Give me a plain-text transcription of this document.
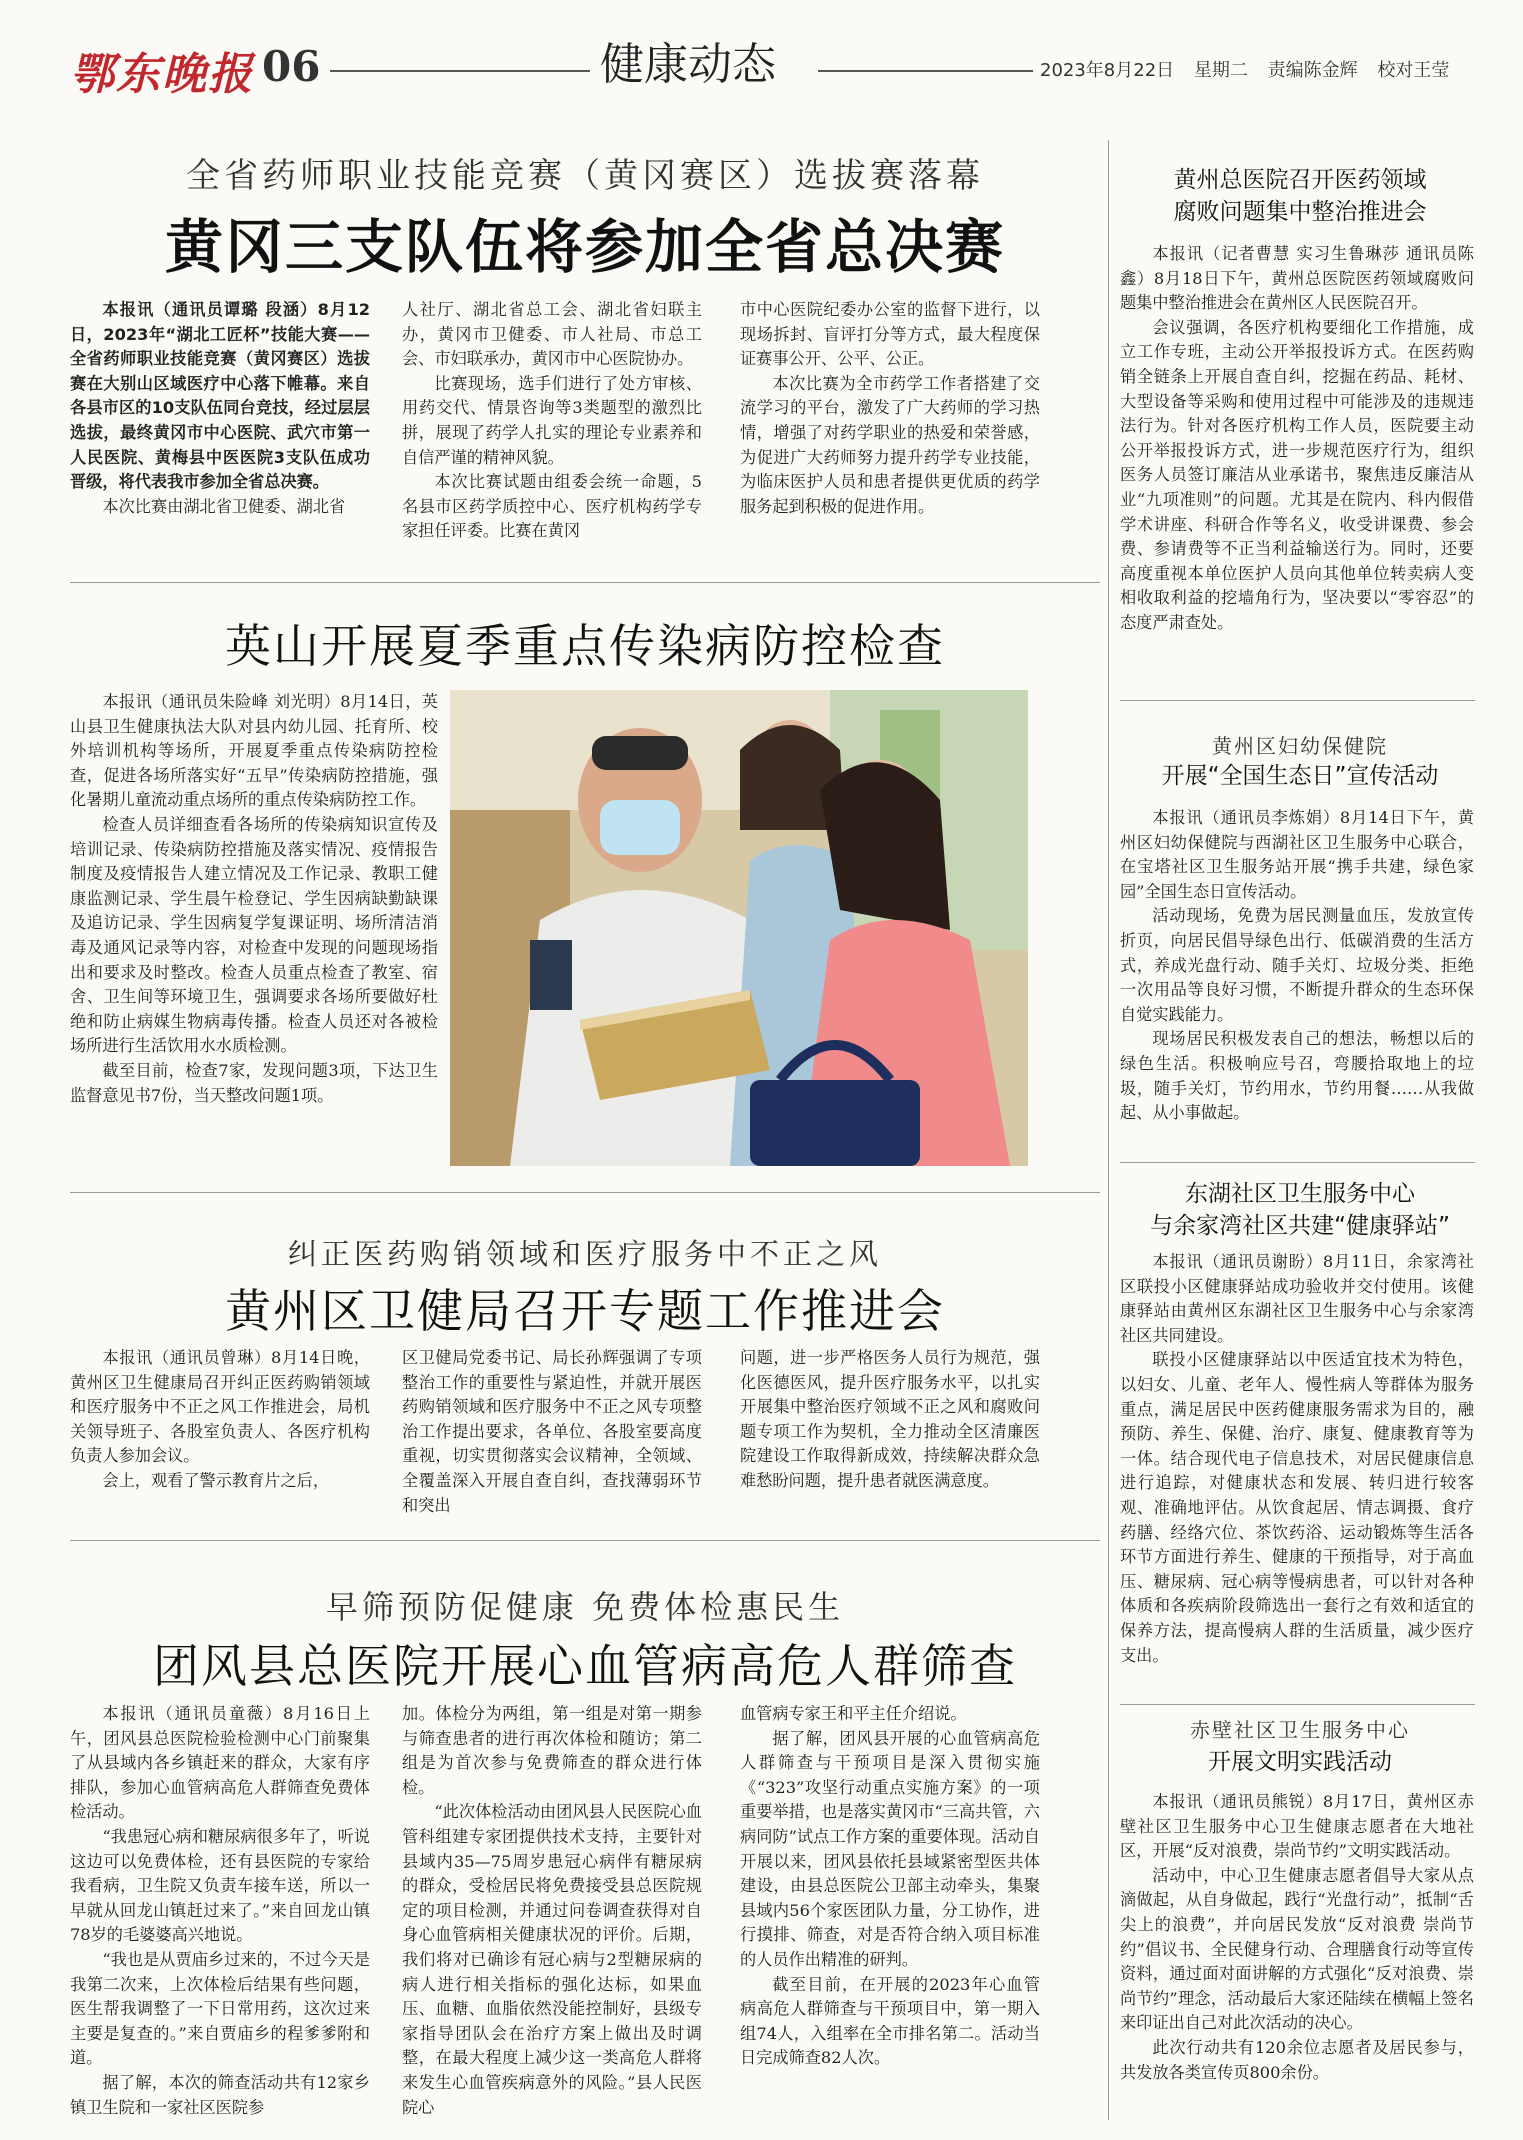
鄂东晚报 06	健康动态	2023年8月22日 星期二 责编陈金辉 校对王莹
全省药师职业技能竞赛（黄冈赛区）选拔赛落幕
黄冈三支队伍将参加全省总决赛

本报讯（通讯员谭璐 段涵）8月12日，2023年“湖北工匠杯”技能大赛——全省药师职业技能竞赛（黄冈赛区）选拔赛在大别山区域医疗中心落下帷幕。来自各县市区的10支队伍同台竞技，经过层层选拔，最终黄冈市中心医院、武穴市第一人民医院、黄梅县中医医院3支队伍成功晋级，将代表我市参加全省总决赛。

本次比赛由湖北省卫健委、湖北省

人社厅、湖北省总工会、湖北省妇联主办，黄冈市卫健委、市人社局、市总工会、市妇联承办，黄冈市中心医院协办。

比赛现场，选手们进行了处方审核、用药交代、情景咨询等3类题型的激烈比拼，展现了药学人扎实的理论专业素养和自信严谨的精神风貌。

本次比赛试题由组委会统一命题，5名县市区药学质控中心、医疗机构药学专家担任评委。比赛在黄冈

市中心医院纪委办公室的监督下进行，以现场拆封、盲评打分等方式，最大程度保证赛事公开、公平、公正。

本次比赛为全市药学工作者搭建了交流学习的平台，激发了广大药师的学习热情，增强了对药学职业的热爱和荣誉感，为促进广大药师努力提升药学专业技能，为临床医护人员和患者提供更优质的药学服务起到积极的促进作用。

英山开展夏季重点传染病防控检查

本报讯（通讯员朱险峰 刘光明）8月14日，英山县卫生健康执法大队对县内幼儿园、托育所、校外培训机构等场所，开展夏季重点传染病防控检查，促进各场所落实好“五早”传染病防控措施，强化暑期儿童流动重点场所的重点传染病防控工作。

检查人员详细查看各场所的传染病知识宣传及培训记录、传染病防控措施及落实情况、疫情报告制度及疫情报告人建立情况及工作记录、教职工健康监测记录、学生晨午检登记、学生因病缺勤缺课及追访记录、学生因病复学复课证明、场所清洁消毒及通风记录等内容，对检查中发现的问题现场指出和要求及时整改。检查人员重点检查了教室、宿舍、卫生间等环境卫生，强调要求各场所要做好杜绝和防止病媒生物病毒传播。检查人员还对各被检场所进行生活饮用水水质检测。

截至目前，检查7家，发现问题3项，下达卫生监督意见书7份，当天整改问题1项。

纠正医药购销领域和医疗服务中不正之风
黄州区卫健局召开专题工作推进会

本报讯（通讯员曾琳）8月14日晚，黄州区卫生健康局召开纠正医药购销领域和医疗服务中不正之风工作推进会，局机关领导班子、各股室负责人、各医疗机构负责人参加会议。

会上，观看了警示教育片之后，

区卫健局党委书记、局长孙辉强调了专项整治工作的重要性与紧迫性，并就开展医药购销领域和医疗服务中不正之风专项整治工作提出要求，各单位、各股室要高度重视，切实贯彻落实会议精神，全领域、全覆盖深入开展自查自纠，查找薄弱环节和突出

问题，进一步严格医务人员行为规范，强化医德医风，提升医疗服务水平，以扎实开展集中整治医疗领域不正之风和腐败问题专项工作为契机，全力推动全区清廉医院建设工作取得新成效，持续解决群众急难愁盼问题，提升患者就医满意度。

早筛预防促健康 免费体检惠民生
团风县总医院开展心血管病高危人群筛查

本报讯（通讯员童薇）8月16日上午，团风县总医院检验检测中心门前聚集了从县域内各乡镇赶来的群众，大家有序排队，参加心血管病高危人群筛查免费体检活动。

“我患冠心病和糖尿病很多年了，听说这边可以免费体检，还有县医院的专家给我看病，卫生院又负责车接车送，所以一早就从回龙山镇赶过来了。”来自回龙山镇78岁的毛婆婆高兴地说。

“我也是从贾庙乡过来的，不过今天是我第二次来，上次体检后结果有些问题，医生帮我调整了一下日常用药，这次过来主要是复查的。”来自贾庙乡的程爹爹附和道。

据了解，本次的筛查活动共有12家乡镇卫生院和一家社区医院参

加。体检分为两组，第一组是对第一期参与筛查患者的进行再次体检和随访；第二组是为首次参与免费筛查的群众进行体检。

“此次体检活动由团风县人民医院心血管科组建专家团提供技术支持，主要针对县域内35—75周岁患冠心病伴有糖尿病的群众，受检居民将免费接受县总医院规定的项目检测，并通过问卷调查获得对自身心血管病相关健康状况的评价。后期，我们将对已确诊有冠心病与2型糖尿病的病人进行相关指标的强化达标，如果血压、血糖、血脂依然没能控制好，县级专家指导团队会在治疗方案上做出及时调整，在最大程度上减少这一类高危人群将来发生心血管疾病意外的风险。”县人民医院心

血管病专家王和平主任介绍说。

据了解，团风县开展的心血管病高危人群筛查与干预项目是深入贯彻实施《“323”攻坚行动重点实施方案》的一项重要举措，也是落实黄冈市“三高共管，六病同防”试点工作方案的重要体现。活动自开展以来，团风县依托县域紧密型医共体建设，由县总医院公卫部主动牵头，集聚县域内56个家医团队力量，分工协作，进行摸排、筛查，对是否符合纳入项目标准的人员作出精准的研判。

截至目前，在开展的2023年心血管病高危人群筛查与干预项目中，第一期入组74人，入组率在全市排名第二。活动当日完成筛查82人次。

黄州总医院召开医药领域
腐败问题集中整治推进会

本报讯（记者曹慧 实习生鲁琳莎 通讯员陈鑫）8月18日下午，黄州总医院医药领域腐败问题集中整治推进会在黄州区人民医院召开。

会议强调，各医疗机构要细化工作措施，成立工作专班，主动公开举报投诉方式。在医药购销全链条上开展自查自纠，挖掘在药品、耗材、大型设备等采购和使用过程中可能涉及的违规违法行为。针对各医疗机构工作人员，医院要主动公开举报投诉方式，进一步规范医疗行为，组织医务人员签订廉洁从业承诺书，聚焦违反廉洁从业“九项准则”的问题。尤其是在院内、科内假借学术讲座、科研合作等名义，收受讲课费、参会费、参请费等不正当利益输送行为。同时，还要高度重视本单位医护人员向其他单位转卖病人变相收取利益的挖墙角行为，坚决要以“零容忍”的态度严肃查处。

黄州区妇幼保健院
开展“全国生态日”宣传活动

本报讯（通讯员李炼娟）8月14日下午，黄州区妇幼保健院与西湖社区卫生服务中心联合，在宝塔社区卫生服务站开展“携手共建，绿色家园”全国生态日宣传活动。

活动现场，免费为居民测量血压，发放宣传折页，向居民倡导绿色出行、低碳消费的生活方式，养成光盘行动、随手关灯、垃圾分类、拒绝一次用品等良好习惯，不断提升群众的生态环保自觉实践能力。

现场居民积极发表自己的想法，畅想以后的绿色生活。积极响应号召，弯腰拾取地上的垃圾，随手关灯，节约用水，节约用餐……从我做起、从小事做起。

东湖社区卫生服务中心
与余家湾社区共建“健康驿站”

本报讯（通讯员谢盼）8月11日，余家湾社区联投小区健康驿站成功验收并交付使用。该健康驿站由黄州区东湖社区卫生服务中心与余家湾社区共同建设。

联投小区健康驿站以中医适宜技术为特色，以妇女、儿童、老年人、慢性病人等群体为服务重点，满足居民中医药健康服务需求为目的，融预防、养生、保健、治疗、康复、健康教育等为一体。结合现代电子信息技术，对居民健康信息进行追踪，对健康状态和发展、转归进行较客观、准确地评估。从饮食起居、情志调摄、食疗药膳、经络穴位、茶饮药浴、运动锻炼等生活各环节方面进行养生、健康的干预指导，对于高血压、糖尿病、冠心病等慢病患者，可以针对各种体质和各疾病阶段筛选出一套行之有效和适宜的保养方法，提高慢病人群的生活质量，减少医疗支出。

赤壁社区卫生服务中心
开展文明实践活动

本报讯（通讯员熊锐）8月17日，黄州区赤壁社区卫生服务中心卫生健康志愿者在大地社区，开展“反对浪费，崇尚节约”文明实践活动。

活动中，中心卫生健康志愿者倡导大家从点滴做起，从自身做起，践行“光盘行动”，抵制“舌尖上的浪费”，并向居民发放“反对浪费 崇尚节约”倡议书、全民健身行动、合理膳食行动等宣传资料，通过面对面讲解的方式强化“反对浪费、崇尚节约”理念，活动最后大家还陆续在横幅上签名来印证出自己对此次活动的决心。

此次行动共有120余位志愿者及居民参与，共发放各类宣传页800余份。
